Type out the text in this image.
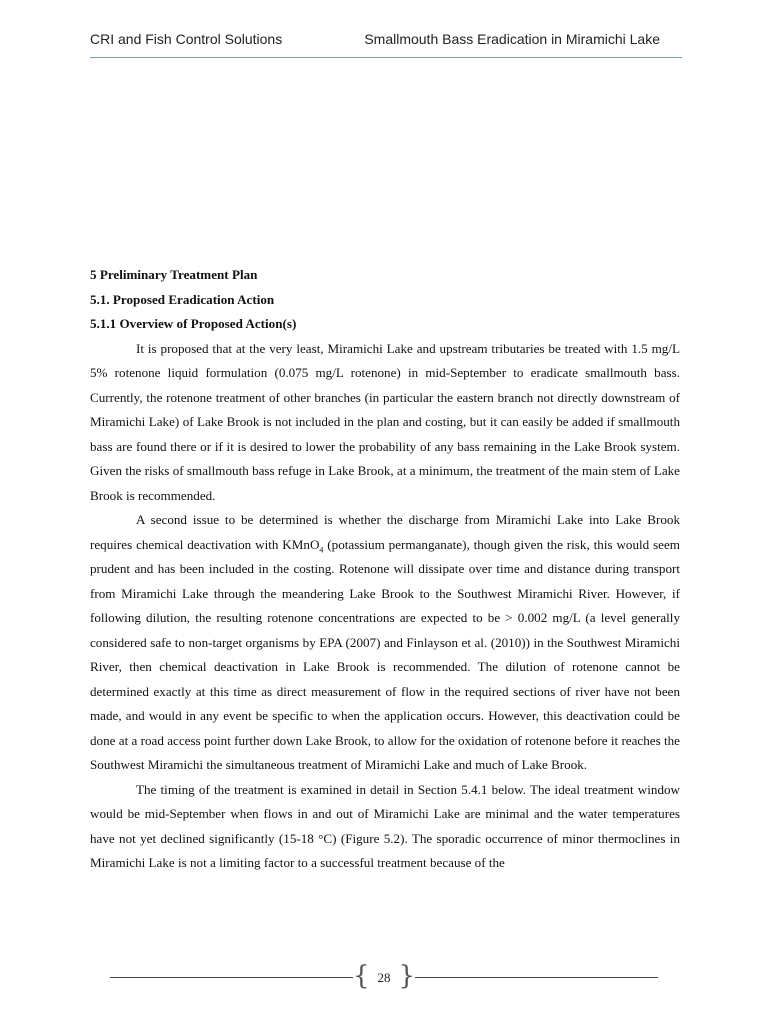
CRI and Fish Control Solutions	Smallmouth Bass Eradication in Miramichi Lake
5 Preliminary Treatment Plan
5.1. Proposed Eradication Action
5.1.1 Overview of Proposed Action(s)

It is proposed that at the very least, Miramichi Lake and upstream tributaries be treated with 1.5 mg/L 5% rotenone liquid formulation (0.075 mg/L rotenone) in mid-September to eradicate smallmouth bass. Currently, the rotenone treatment of other branches (in particular the eastern branch not directly downstream of Miramichi Lake) of Lake Brook is not included in the plan and costing, but it can easily be added if smallmouth bass are found there or if it is desired to lower the probability of any bass remaining in the Lake Brook system. Given the risks of smallmouth bass refuge in Lake Brook, at a minimum, the treatment of the main stem of Lake Brook is recommended.

A second issue to be determined is whether the discharge from Miramichi Lake into Lake Brook requires chemical deactivation with KMnO$_4$ (potassium permanganate), though given the risk, this would seem prudent and has been included in the costing. Rotenone will dissipate over time and distance during transport from Miramichi Lake through the meandering Lake Brook to the Southwest Miramichi River. However, if following dilution, the resulting rotenone concentrations are expected to be > 0.002 mg/L (a level generally considered safe to non-target organisms by EPA (2007) and Finlayson et al. (2010)) in the Southwest Miramichi River, then chemical deactivation in Lake Brook is recommended. The dilution of rotenone cannot be determined exactly at this time as direct measurement of flow in the required sections of river have not been made, and would in any event be specific to when the application occurs. However, this deactivation could be done at a road access point further down Lake Brook, to allow for the oxidation of rotenone before it reaches the Southwest Miramichi the simultaneous treatment of Miramichi Lake and much of Lake Brook.

The timing of the treatment is examined in detail in Section 5.4.1 below. The ideal treatment window would be mid-September when flows in and out of Miramichi Lake are minimal and the water temperatures have not yet declined significantly (15-18 °C) (Figure 5.2). The sporadic occurrence of minor thermoclines in Miramichi Lake is not a limiting factor to a successful treatment because of the

{ 28 }
